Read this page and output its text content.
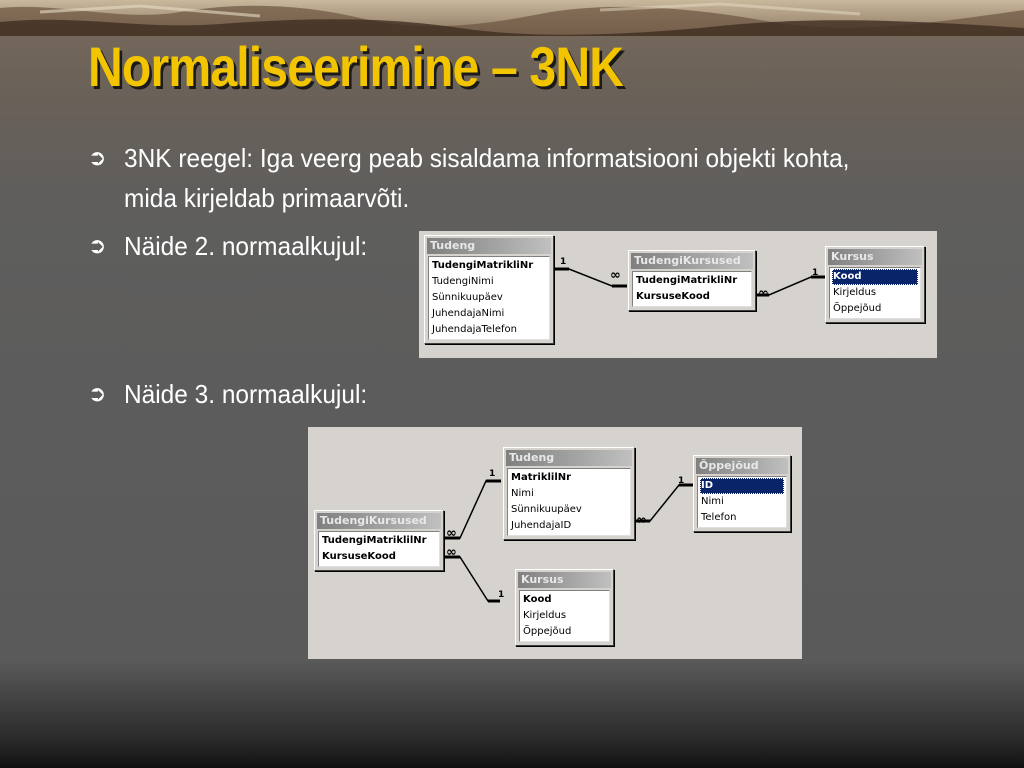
Normaliseerimine – 3NK
➲ 3NK reegel: Iga veerg peab sisaldama informatsiooni objekti kohta, mida kirjeldab primaarvõti.
➲ Näide 2. normaalkujul:
➲ Näide 3. normaalkujul:
1
∞
∞
1
Tudeng
TudengiMatrikliNr
TudengiNimi
Sünnikuupäev
JuhendajaNimi
JuhendajaTelefon
TudengiKursused
TudengiMatrikliNr
KursuseKood
Kursus
Kood
Kirjeldus
Õppejõud
∞
1
∞
1
∞
1
TudengiKursused
TudengiMatriklilNr
KursuseKood
Tudeng
MatriklilNr
Nimi
Sünnikuupäev
JuhendajaID
Õppejõud
ID
Nimi
Telefon
Kursus
Kood
Kirjeldus
Õppejõud
